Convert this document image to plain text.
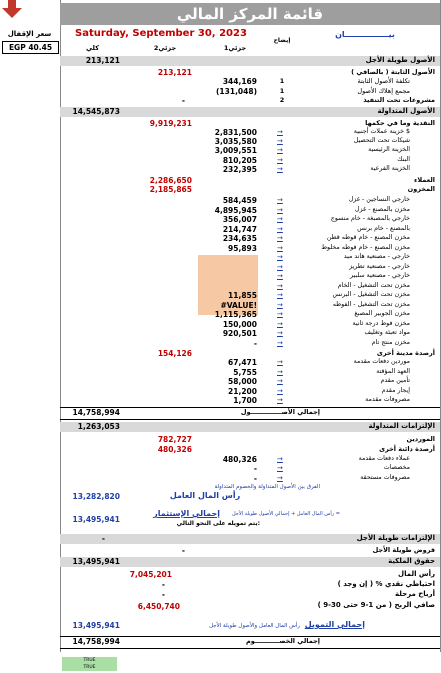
سعر الإقفال
EGP 40.45
قائمة المركز المالي
Saturday, September 30, 2023	بيــــــــــــــــان
إيضاح
جزئي1
جزئي2
كلي
213,121	الأصول طويلة الأجل
213,121	الأصول الثابتة ( بالصافي )
344,169	1	تكلفة الأصول الثابتة
(131,048)	1	مجمع إهلاك الأصول
-	2	مشروعات تحت التنفيذ
14,545,873	الأصول المتداولة
9,919,231	النقدية وما في حكمها
2,831,500	→	خزينة عملات أجنبية $
3,035,580	→	شيكات تحت التحصيل
3,009,551	→	الخزينة الرئيسية
810,205	→	البنك
232,395	→	الخزينة الفرعية
2,286,650	العملاء
2,185,865	المخزون
584,459	→	خارجي النساجين - غزل
4,895,945	→	مخزن بالمصنع - غزل
356,007	→	خارجي بالمصبغة - خام منسوج
214,747	→	بالمصنع - خام برنس
234,635	→	مخزن المصنع - خام قوطه قطن
95,893	→	مخزن المصنع - خام فوطه مخلوط
→	خارجي - مصنعية هاند ميد
→	خارجي - مصنعية تطريز
→	خارجي - مصنعية سلبير
→	مخزن تحت التشغيل - الخام
11,855	→	مخزن تحت التشغيل - البرنس
#VALUE!	→	مخزن تحت التشغيل - الفوطه
1,115,365	→	مخزن الجوبير المصبغ
150,000	→	مخزن فوط درجة ثانية
920,501	→	مواد تعبئة وتغليف
-	→	مخزن منتج تام
154,126	أرصدة مدينة أخرى
67,471	→	موردين دفعات مقدمة
5,755	→	العهد المؤقتة
58,000	→	تأمين مقدم
21,200	→	إيجار مقدم
1,700	→	مصروفات مقدمة
14,758,994	إجمالي الأصــــــــــــــول
1,263,053	الإلتزامات المتداولة
782,727	الموردين
480,326	أرصدة دائنة أخرى
480,326	→	عملاء دفعات مقدمة
-	→	مخصصات
-	→	مصروفات مستحقة
الفرق بين الأصول المتداولة والخصوم المتداولة
13,282,820	رأس المال العامل
رأس المال العامل + إجمالي الأصول طويلة الأجل =
إجمالي الإستثمار
13,495,941	يتم تمويله على النحو التالي:
-	الإلتزامات طويلة الأجل
-	قروض طويلة الأجل
13,495,941	حقوق الملكية
7,045,201	رأس المال
-	احتياطي نقدي % ( إن وجد )
-	أرباح مرحلة
6,450,740	صافي الربح ( من 1-9 حتى 30-9 )
13,495,941	رأس المال العامل والأصول طويلة الأجل إجمالي التمويل
14,758,994	إجمالي الخصـــــــــــوم
TRUE
TRUE
